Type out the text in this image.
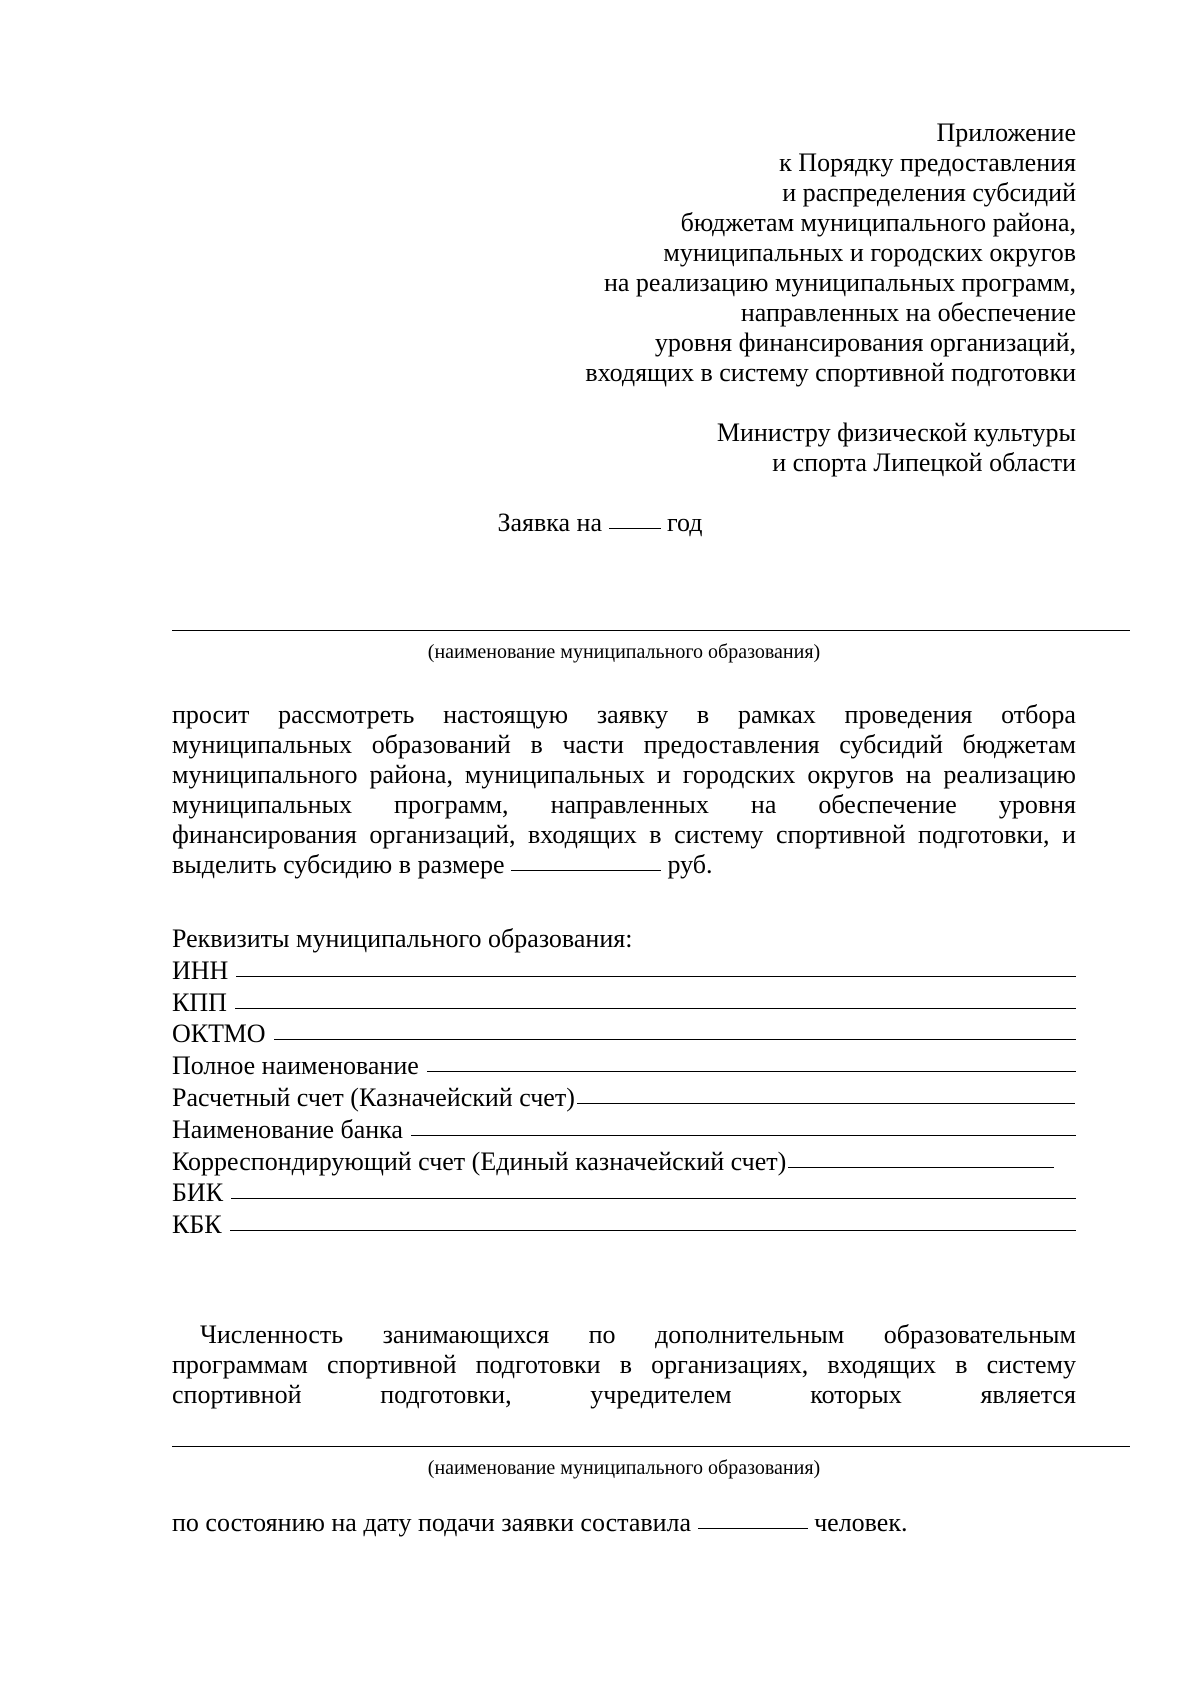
Приложение
к Порядку предоставления
и распределения субсидий
бюджетам муниципального района,
муниципальных и городских округов
на реализацию муниципальных программ,
направленных на обеспечение
уровня финансирования организаций,
входящих в систему спортивной подготовки
Министру физической культуры
и спорта Липецкой области
Заявка на	год
(наименование муниципального образования)
просит рассмотреть настоящую заявку в рамках проведения отбора
муниципальных образований в части предоставления субсидий бюджетам
муниципального района, муниципальных и городских округов на реализацию
муниципальных программ, направленных на обеспечение уровня
финансирования организаций, входящих в систему спортивной подготовки, и
выделить субсидию в размере	руб.
Реквизиты муниципального образования:
ИНН
КПП
ОКТМО
Полное наименование
Расчетный счет (Казначейский счет)
Наименование банка
Корреспондирующий счет (Единый казначейский счет)
БИК
КБК
Численность занимающихся по дополнительным образовательным
программам спортивной подготовки в организациях, входящих в систему
спортивной	подготовки,	учредителем	которых	является
(наименование муниципального образования)
по состоянию на дату подачи заявки составила	человек.
